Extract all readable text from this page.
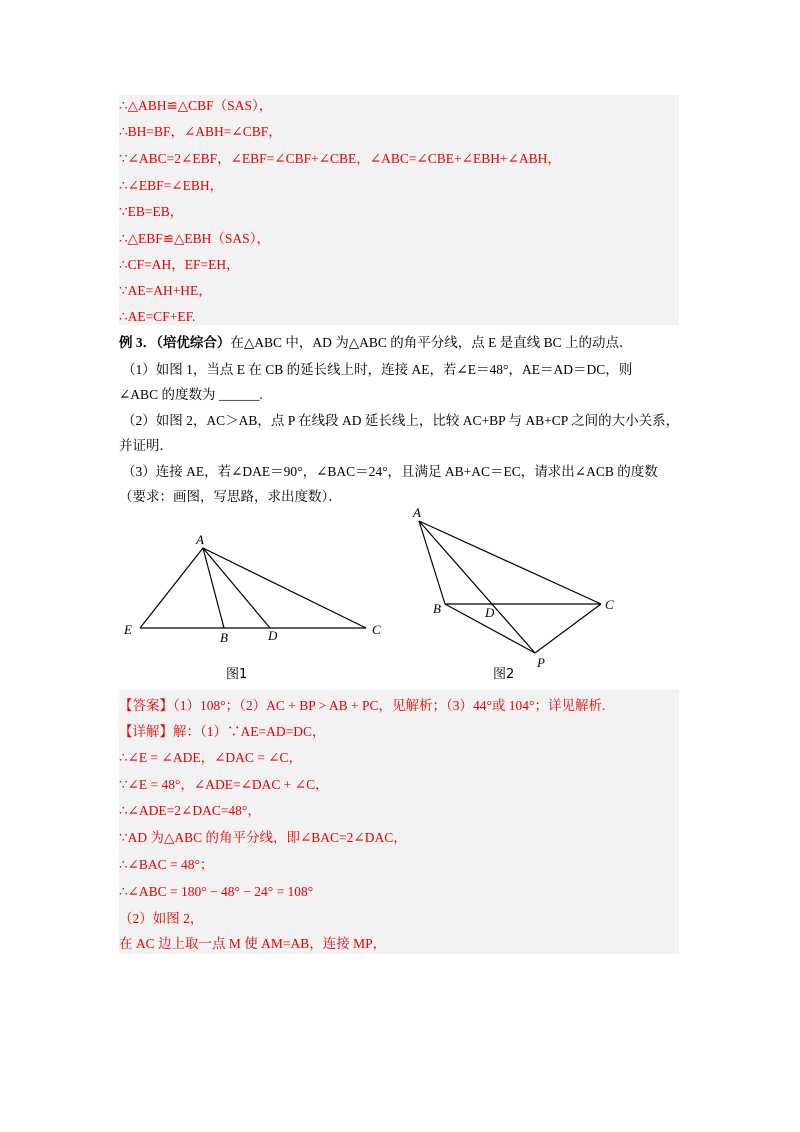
∴△ABH≌△CBF（SAS），
∴BH=BF，∠ABH=∠CBF，
∵∠ABC=2∠EBF，∠EBF=∠CBF+∠CBE，∠ABC=∠CBE+∠EBH+∠ABH，
∴∠EBF=∠EBH，
∵EB=EB，
∴△EBF≌△EBH（SAS），
∴CF=AH，EF=EH，
∵AE=AH+HE，
∴AE=CF+EF.
例 3．（培优综合）在△ABC 中，AD 为△ABC 的角平分线，点 E 是直线 BC 上的动点．
（1）如图 1，当点 E 在 CB 的延长线上时，连接 AE，若∠E＝48°，AE＝AD＝DC，则
∠ABC 的度数为 ______.
（2）如图 2，AC＞AB，点 P 在线段 AD 延长线上，比较 AC+BP 与 AB+CP 之间的大小关系，
并证明．
（3）连接 AE，若∠DAE＝90°，∠BAC＝24°，且满足 AB+AC＝EC，请求出∠ACB 的度数
（要求：画图，写思路，求出度数）．
A
E
B	D	C
图1
A
B	D
C
P
图2
【答案】（1）108°；（2）AC + BP > AB + PC，见解析；（3）44°或 104°；详见解析.
【详解】解：（1）∵AE=AD=DC，
∴∠E = ∠ADE，∠DAC = ∠C，
∵∠E = 48°，∠ADE=∠DAC + ∠C，
∴∠ADE=2∠DAC=48°，
∵AD 为△ABC 的角平分线，即∠BAC=2∠DAC，
∴∠BAC = 48°；
∴∠ABC = 180° − 48° − 24° = 108°
（2）如图 2，
在 AC 边上取一点 M 使 AM=AB，连接 MP，
